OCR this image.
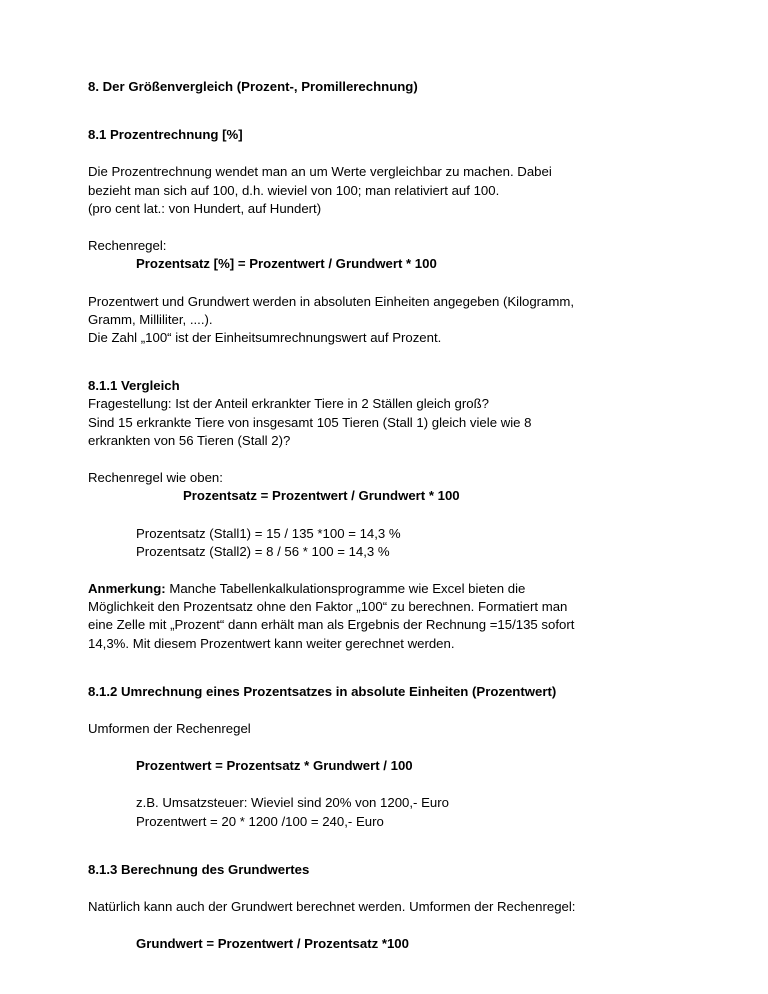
8. Der Größenvergleich (Prozent-, Promillerechnung)
8.1 Prozentrechnung [%]

Die Prozentrechnung wendet man an um Werte vergleichbar zu machen. Dabei

bezieht man sich auf 100, d.h. wieviel von 100; man relativiert auf 100.

(pro cent lat.: von Hundert, auf Hundert)

Rechenregel:

Prozentsatz [%] = Prozentwert / Grundwert * 100

Prozentwert und Grundwert werden in absoluten Einheiten angegeben (Kilogramm,

Gramm, Milliliter, ....).

Die Zahl „100“ ist der Einheitsumrechnungswert auf Prozent.

8.1.1 Vergleich

Fragestellung: Ist der Anteil erkrankter Tiere in 2 Ställen gleich groß?

Sind 15 erkrankte Tiere von insgesamt 105 Tieren (Stall 1) gleich viele wie 8

erkrankten von 56 Tieren (Stall 2)?

Rechenregel wie oben:

Prozentsatz = Prozentwert / Grundwert * 100

Prozentsatz (Stall1) = 15 / 135 *100 = 14,3 %

Prozentsatz (Stall2) = 8 / 56 * 100 = 14,3 %

Anmerkung: Manche Tabellenkalkulationsprogramme wie Excel bieten die

Möglichkeit den Prozentsatz ohne den Faktor „100“ zu berechnen. Formatiert man

eine Zelle mit „Prozent“ dann erhält man als Ergebnis der Rechnung =15/135 sofort

14,3%. Mit diesem Prozentwert kann weiter gerechnet werden.

8.1.2 Umrechnung eines Prozentsatzes in absolute Einheiten (Prozentwert)

Umformen der Rechenregel

Prozentwert = Prozentsatz * Grundwert / 100

z.B. Umsatzsteuer: Wieviel sind 20% von 1200,- Euro

Prozentwert = 20 * 1200 /100 = 240,- Euro

8.1.3 Berechnung des Grundwertes

Natürlich kann auch der Grundwert berechnet werden. Umformen der Rechenregel:

Grundwert = Prozentwert / Prozentsatz *100
